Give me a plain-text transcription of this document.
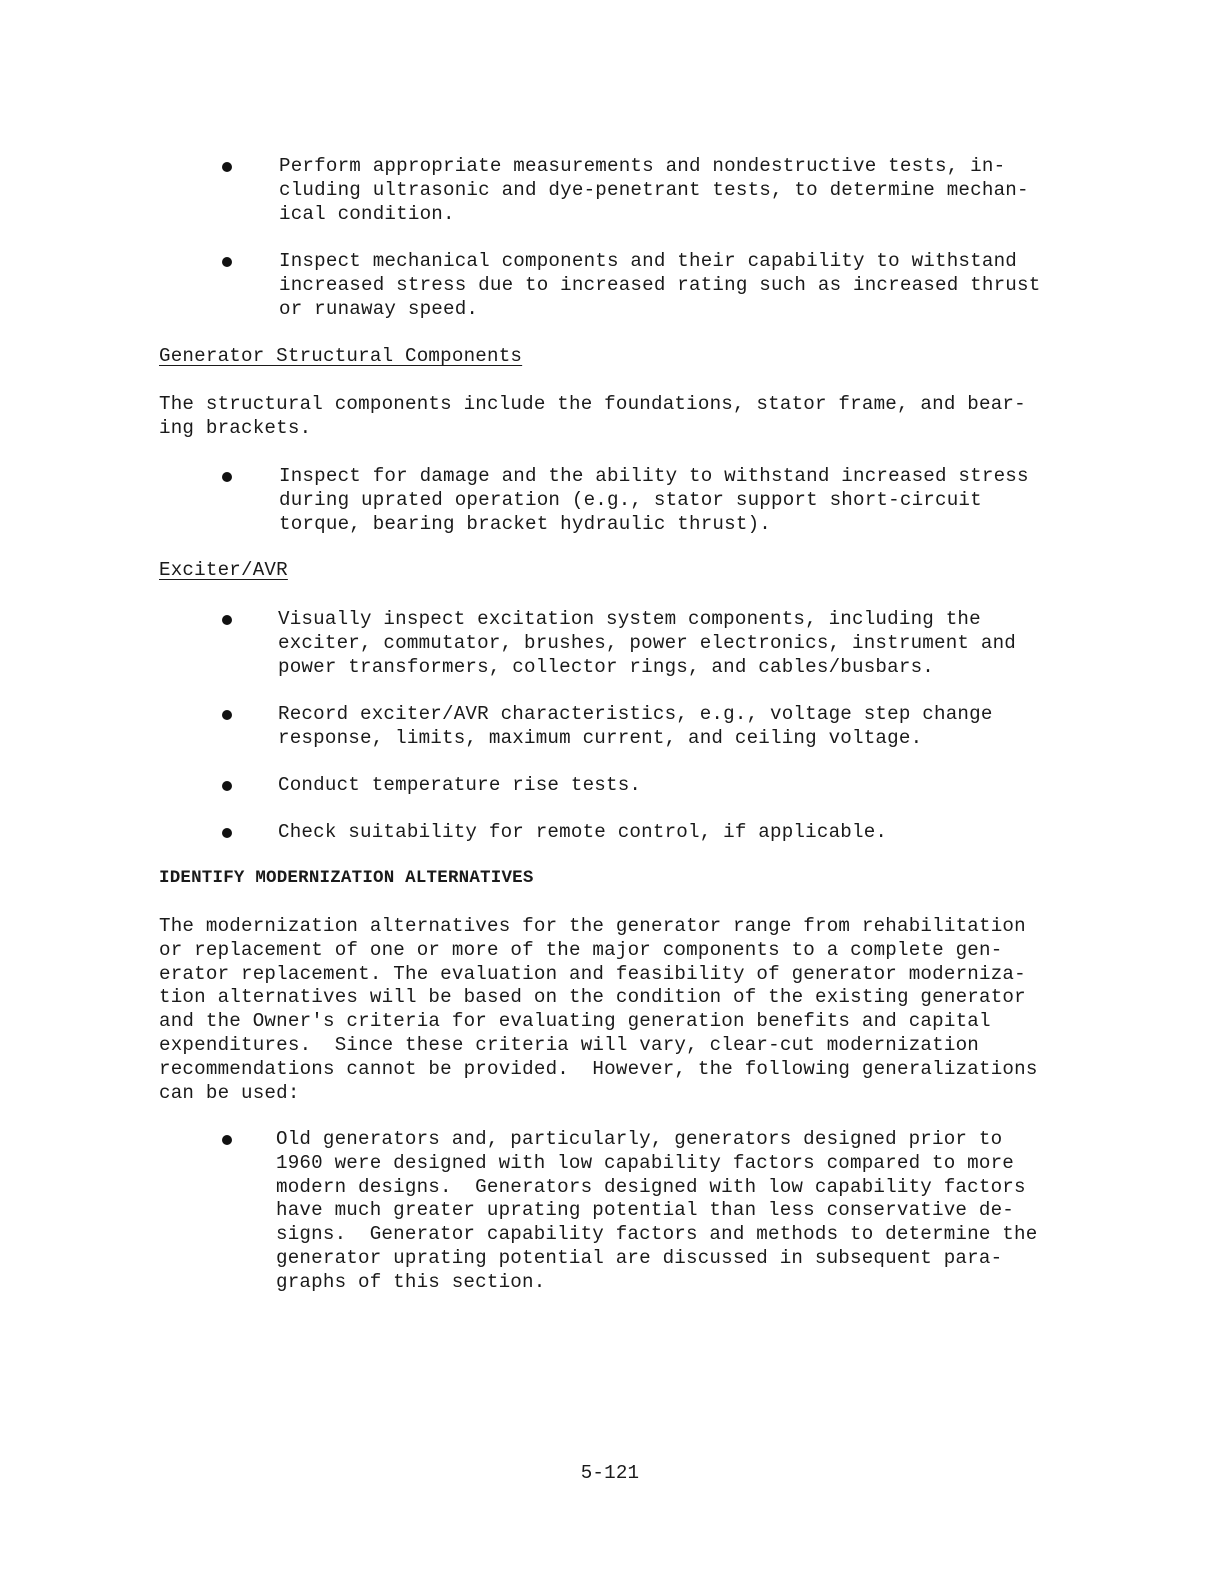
Perform appropriate measurements and nondestructive tests, in-
cluding ultrasonic and dye-penetrant tests, to determine mechan-
ical condition.
Inspect mechanical components and their capability to withstand
increased stress due to increased rating such as increased thrust
or runaway speed.
Generator Structural Components
The structural components include the foundations, stator frame, and bear-
ing brackets.
Inspect for damage and the ability to withstand increased stress
during uprated operation (e.g., stator support short-circuit
torque, bearing bracket hydraulic thrust).
Exciter/AVR
Visually inspect excitation system components, including the
exciter, commutator, brushes, power electronics, instrument and
power transformers, collector rings, and cables/busbars.
Record exciter/AVR characteristics, e.g., voltage step change
response, limits, maximum current, and ceiling voltage.
Conduct temperature rise tests.
Check suitability for remote control, if applicable.
IDENTIFY MODERNIZATION ALTERNATIVES
The modernization alternatives for the generator range from rehabilitation
or replacement of one or more of the major components to a complete gen-
erator replacement. The evaluation and feasibility of generator moderniza-
tion alternatives will be based on the condition of the existing generator
and the Owner's criteria for evaluating generation benefits and capital
expenditures.  Since these criteria will vary, clear-cut modernization
recommendations cannot be provided.  However, the following generalizations
can be used:
Old generators and, particularly, generators designed prior to
1960 were designed with low capability factors compared to more
modern designs.  Generators designed with low capability factors
have much greater uprating potential than less conservative de-
signs.  Generator capability factors and methods to determine the
generator uprating potential are discussed in subsequent para-
graphs of this section.
5-121
